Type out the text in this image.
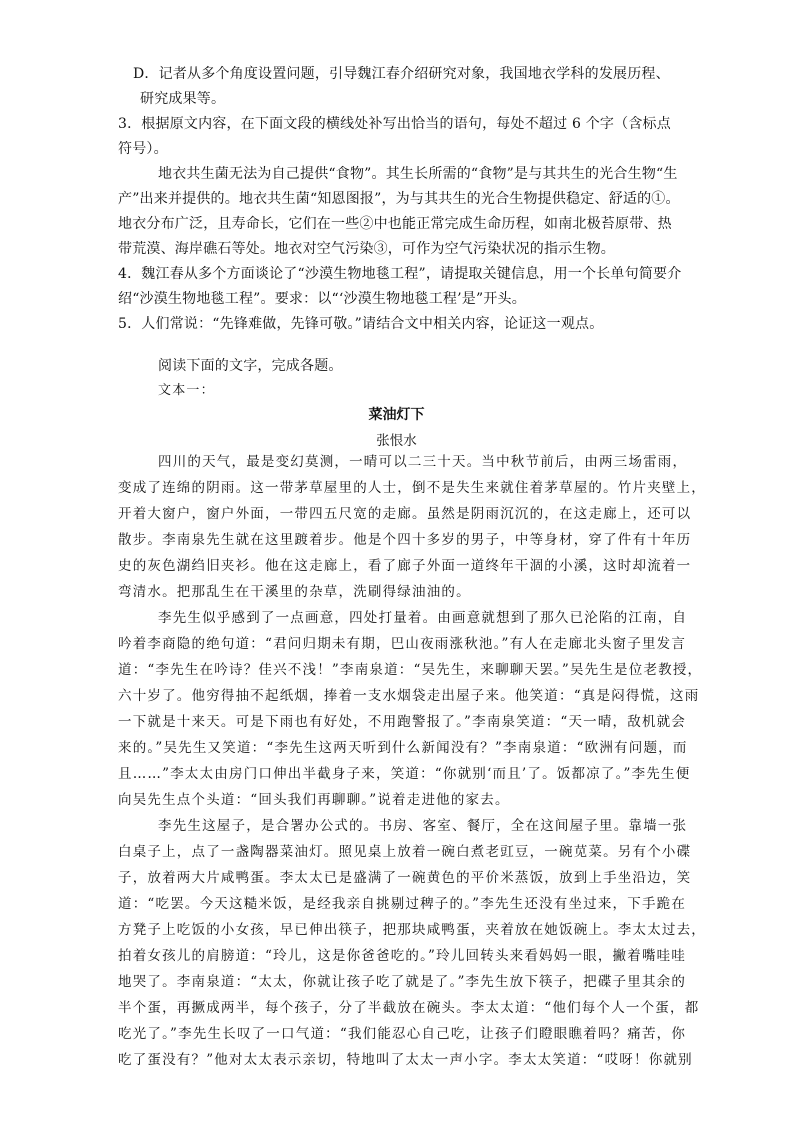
D．记者从多个角度设置问题，引导魏江春介绍研究对象，我国地衣学科的发展历程、
研究成果等。
3．根据原文内容，在下面文段的横线处补写出恰当的语句，每处不超过 6 个字（含标点
符号）。
地衣共生菌无法为自己提供“食物”。其生长所需的“食物”是与其共生的光合生物“生
产”出来并提供的。地衣共生菌“知恩图报”，为与其共生的光合生物提供稳定、舒适的①。
地衣分布广泛，且寿命长，它们在一些②中也能正常完成生命历程，如南北极苔原带、热
带荒漠、海岸礁石等处。地衣对空气污染③，可作为空气污染状况的指示生物。
4．魏江春从多个方面谈论了“沙漠生物地毯工程”，请提取关键信息，用一个长单句简要介
绍“沙漠生物地毯工程”。要求：以“‘沙漠生物地毯工程’是”开头。
5．人们常说：“先锋难做，先锋可敬。”请结合文中相关内容，论证这一观点。
阅读下面的文字，完成各题。
文本一：
菜油灯下
张恨水
四川的天气，最是变幻莫测，一晴可以二三十天。当中秋节前后，由两三场雷雨，
变成了连绵的阴雨。这一带茅草屋里的人士，倒不是失生来就住着茅草屋的。竹片夹壁上，
开着大窗户，窗户外面，一带四五尺宽的走廊。虽然是阴雨沉沉的，在这走廊上，还可以
散步。李南泉先生就在这里踱着步。他是个四十多岁的男子，中等身材，穿了件有十年历
史的灰色湖绉旧夹衫。他在这走廊上，看了廊子外面一道终年干涸的小溪，这时却流着一
弯清水。把那乱生在干溪里的杂草，洗刷得绿油油的。
李先生似乎感到了一点画意，四处打量着。由画意就想到了那久已沦陷的江南，自
吟着李商隐的绝句道：“君问归期未有期，巴山夜雨涨秋池。”有人在走廊北头窗子里发言
道：“李先生在吟诗？佳兴不浅！”李南泉道：“吴先生，来聊聊天罢。”吴先生是位老教授，
六十岁了。他穷得抽不起纸烟，捧着一支水烟袋走出屋子来。他笑道：“真是闷得慌，这雨
一下就是十来天。可是下雨也有好处，不用跑警报了。”李南泉笑道：“天一晴，敌机就会
来的。”吴先生又笑道：“李先生这两天听到什么新闻没有？”李南泉道：“欧洲有问题，而
且……”李太太由房门口伸出半截身子来，笑道：“你就别‘而且’了。饭都凉了。”李先生便
向吴先生点个头道：“回头我们再聊聊。”说着走进他的家去。
李先生这屋子，是合署办公式的。书房、客室、餐厅，全在这间屋子里。靠墙一张
白桌子上，点了一盏陶器菜油灯。照见桌上放着一碗白煮老豇豆，一碗苋菜。另有个小碟
子，放着两大片咸鸭蛋。李太太已是盛满了一碗黄色的平价米蒸饭，放到上手坐沿边，笑
道：“吃罢。今天这糙米饭，是经我亲自挑剔过稗子的。”李先生还没有坐过来，下手跪在
方凳子上吃饭的小女孩，早已伸出筷子，把那块咸鸭蛋，夹着放在她饭碗上。李太太过去，
拍着女孩儿的肩膀道：“玲儿，这是你爸爸吃的。”玲儿回转头来看妈妈一眼，撇着嘴哇哇
地哭了。李南泉道：“太太，你就让孩子吃了就是了。”李先生放下筷子，把碟子里其余的
半个蛋，再撅成两半，每个孩子，分了半截放在碗头。李太太道：“他们每个人一个蛋，都
吃光了。”李先生长叹了一口气道：“我们能忍心自己吃，让孩子们瞪眼瞧着吗？痛苦，你
吃了蛋没有？”他对太太表示亲切，特地叫了太太一声小字。李太太笑道：“哎呀！你就别
